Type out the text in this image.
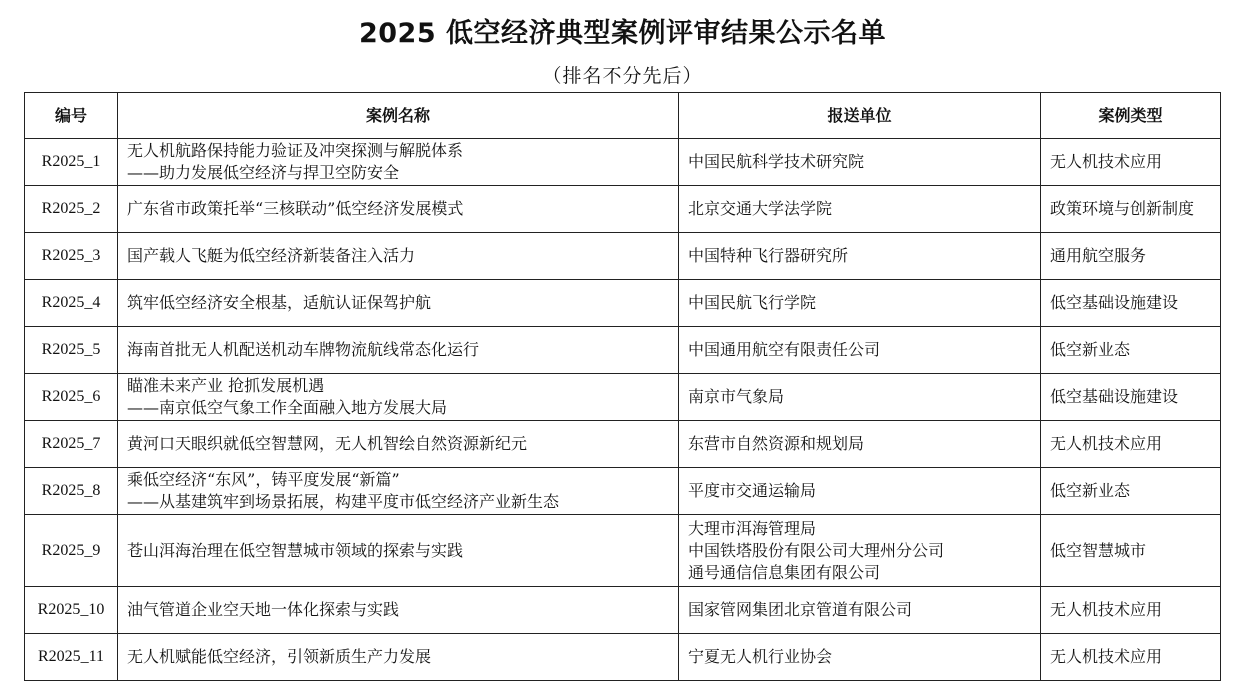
2025 低空经济典型案例评审结果公示名单
（排名不分先后）
编号	案例名称	报送单位	案例类型
R2025_1	无人机航路保持能力验证及冲突探测与解脱体系
——助力发展低空经济与捍卫空防安全	中国民航科学技术研究院	无人机技术应用
R2025_2	广东省市政策托举“三核联动”低空经济发展模式	北京交通大学法学院	政策环境与创新制度
R2025_3	国产载人飞艇为低空经济新装备注入活力	中国特种飞行器研究所	通用航空服务
R2025_4	筑牢低空经济安全根基，适航认证保驾护航	中国民航飞行学院	低空基础设施建设
R2025_5	海南首批无人机配送机动车牌物流航线常态化运行	中国通用航空有限责任公司	低空新业态
R2025_6	瞄准未来产业 抢抓发展机遇
——南京低空气象工作全面融入地方发展大局	南京市气象局	低空基础设施建设
R2025_7	黄河口天眼织就低空智慧网，无人机智绘自然资源新纪元	东营市自然资源和规划局	无人机技术应用
R2025_8	乘低空经济“东风”，铸平度发展“新篇”
——从基建筑牢到场景拓展，构建平度市低空经济产业新生态	平度市交通运输局	低空新业态
R2025_9	苍山洱海治理在低空智慧城市领域的探索与实践	大理市洱海管理局
中国铁塔股份有限公司大理州分公司
通号通信信息集团有限公司	低空智慧城市
R2025_10	油气管道企业空天地一体化探索与实践	国家管网集团北京管道有限公司	无人机技术应用
R2025_11	无人机赋能低空经济，引领新质生产力发展	宁夏无人机行业协会	无人机技术应用
